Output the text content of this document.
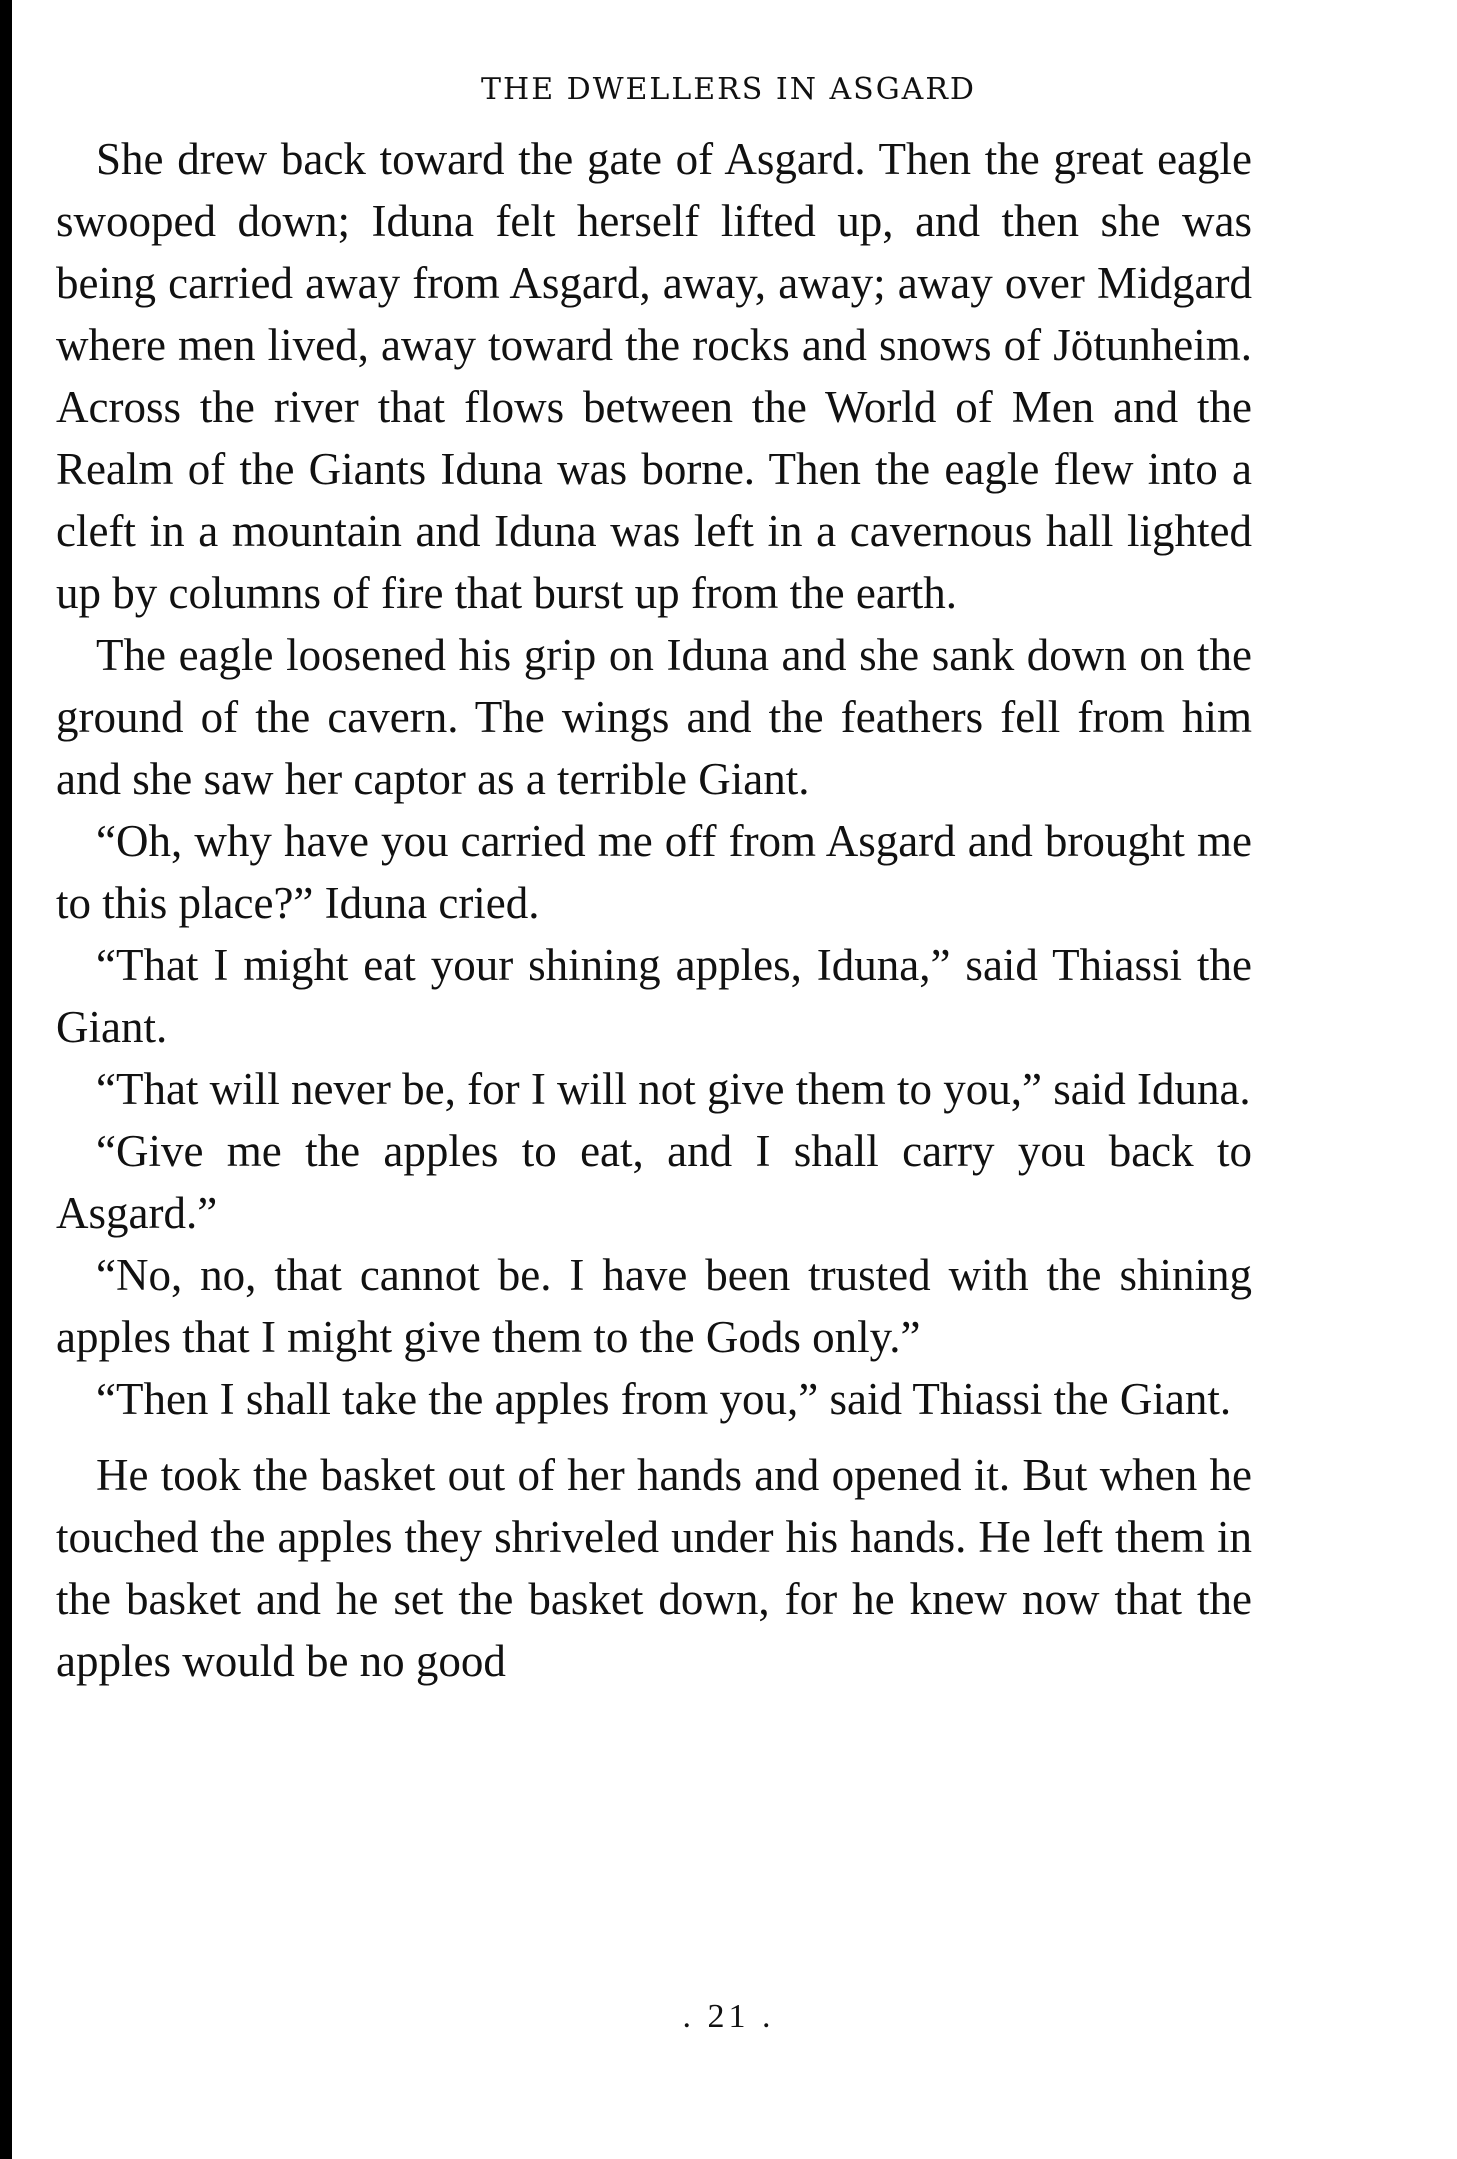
THE DWELLERS IN ASGARD

She drew back toward the gate of Asgard. Then the great eagle swooped down; Iduna felt herself lifted up, and then she was being carried away from Asgard, away, away; away over Midgard where men lived, away toward the rocks and snows of Jötunheim. Across the river that flows between the World of Men and the Realm of the Giants Iduna was borne. Then the eagle flew into a cleft in a mountain and Iduna was left in a cavernous hall lighted up by columns of fire that burst up from the earth.

The eagle loosened his grip on Iduna and she sank down on the ground of the cavern. The wings and the feathers fell from him and she saw her captor as a terrible Giant.

“Oh, why have you carried me off from Asgard and brought me to this place?” Iduna cried.

“That I might eat your shining apples, Iduna,” said Thiassi the Giant.

“That will never be, for I will not give them to you,” said Iduna.

“Give me the apples to eat, and I shall carry you back to Asgard.”

“No, no, that cannot be. I have been trusted with the shining apples that I might give them to the Gods only.”

“Then I shall take the apples from you,” said Thiassi the Giant.

He took the basket out of her hands and opened it. But when he touched the apples they shriveled under his hands. He left them in the basket and he set the basket down, for he knew now that the apples would be no good

. 21 .
